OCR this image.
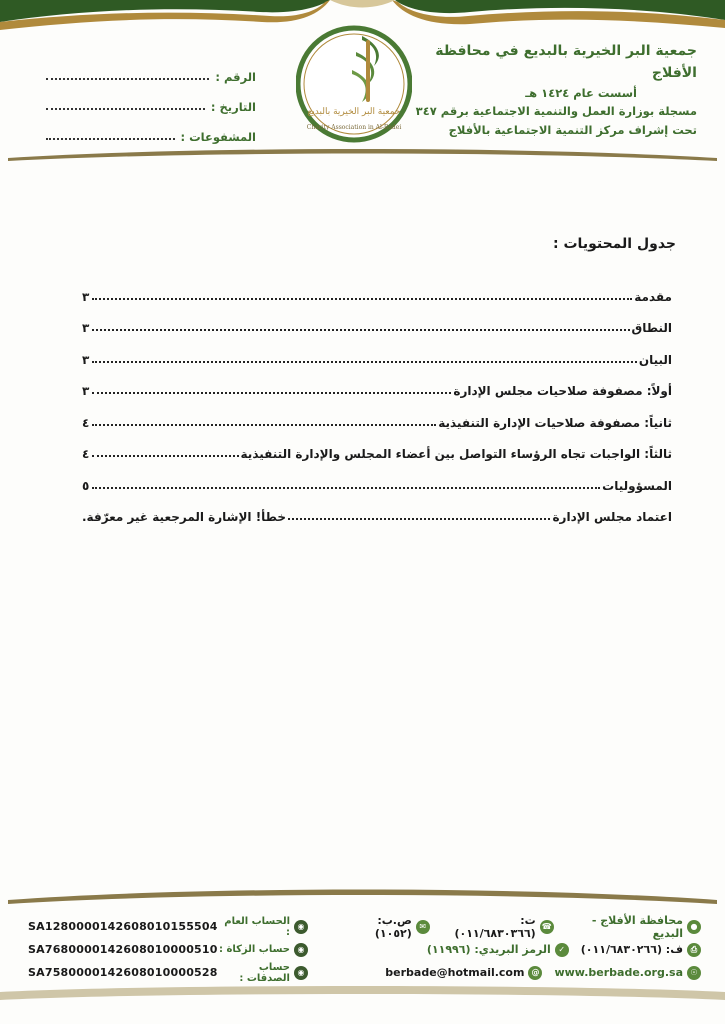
جمعية البر الخيرية بالبديع في محافظة الأفلاج
أسست عام ١٤٢٤ هـ
مسجلة بوزارة العمل والتنمية الاجتماعية برقم ٣٤٧
تحت إشراف مركز التنمية الاجتماعية بالأفلاج
الرقم :
التاريخ :
المشفوعات :
جمعية البر الخيرية بالبديع
Charity Association in Al-Badei
جدول المحتويات :
مقدمة
٣
النطاق
٣
البيان
٣
أولاً: مصفوفة صلاحيات مجلس الإدارة
٣
ثانياً: مصفوفة صلاحيات الإدارة التنفيذية
٤
ثالثاً: الواجبات تجاه الرؤساء التواصل بين أعضاء المجلس والإدارة التنفيذية
٤
المسؤوليات
٥
اعتماد مجلس الإدارة
خطأ! الإشارة المرجعية غير معرّفة.
●
محافظة الأفلاج - البديع
☎
ت: (٠١١/٦٨٣٠٣٦٦)
✉
ص.ب: (١٠٥٢)
⎙
ف: (٠١١/٦٨٣٠٢٦٦)
✓
الرمز البريدي: (١١٩٩٦)
☉
www.berbade.org.sa
@
berbade@hotmail.com
SA1280000142608010155504 الحساب العام :
◉
SA7680000142608010000510 حساب الزكاة : ◉
SA7580000142608010000528	حساب الصدقات :
◉
